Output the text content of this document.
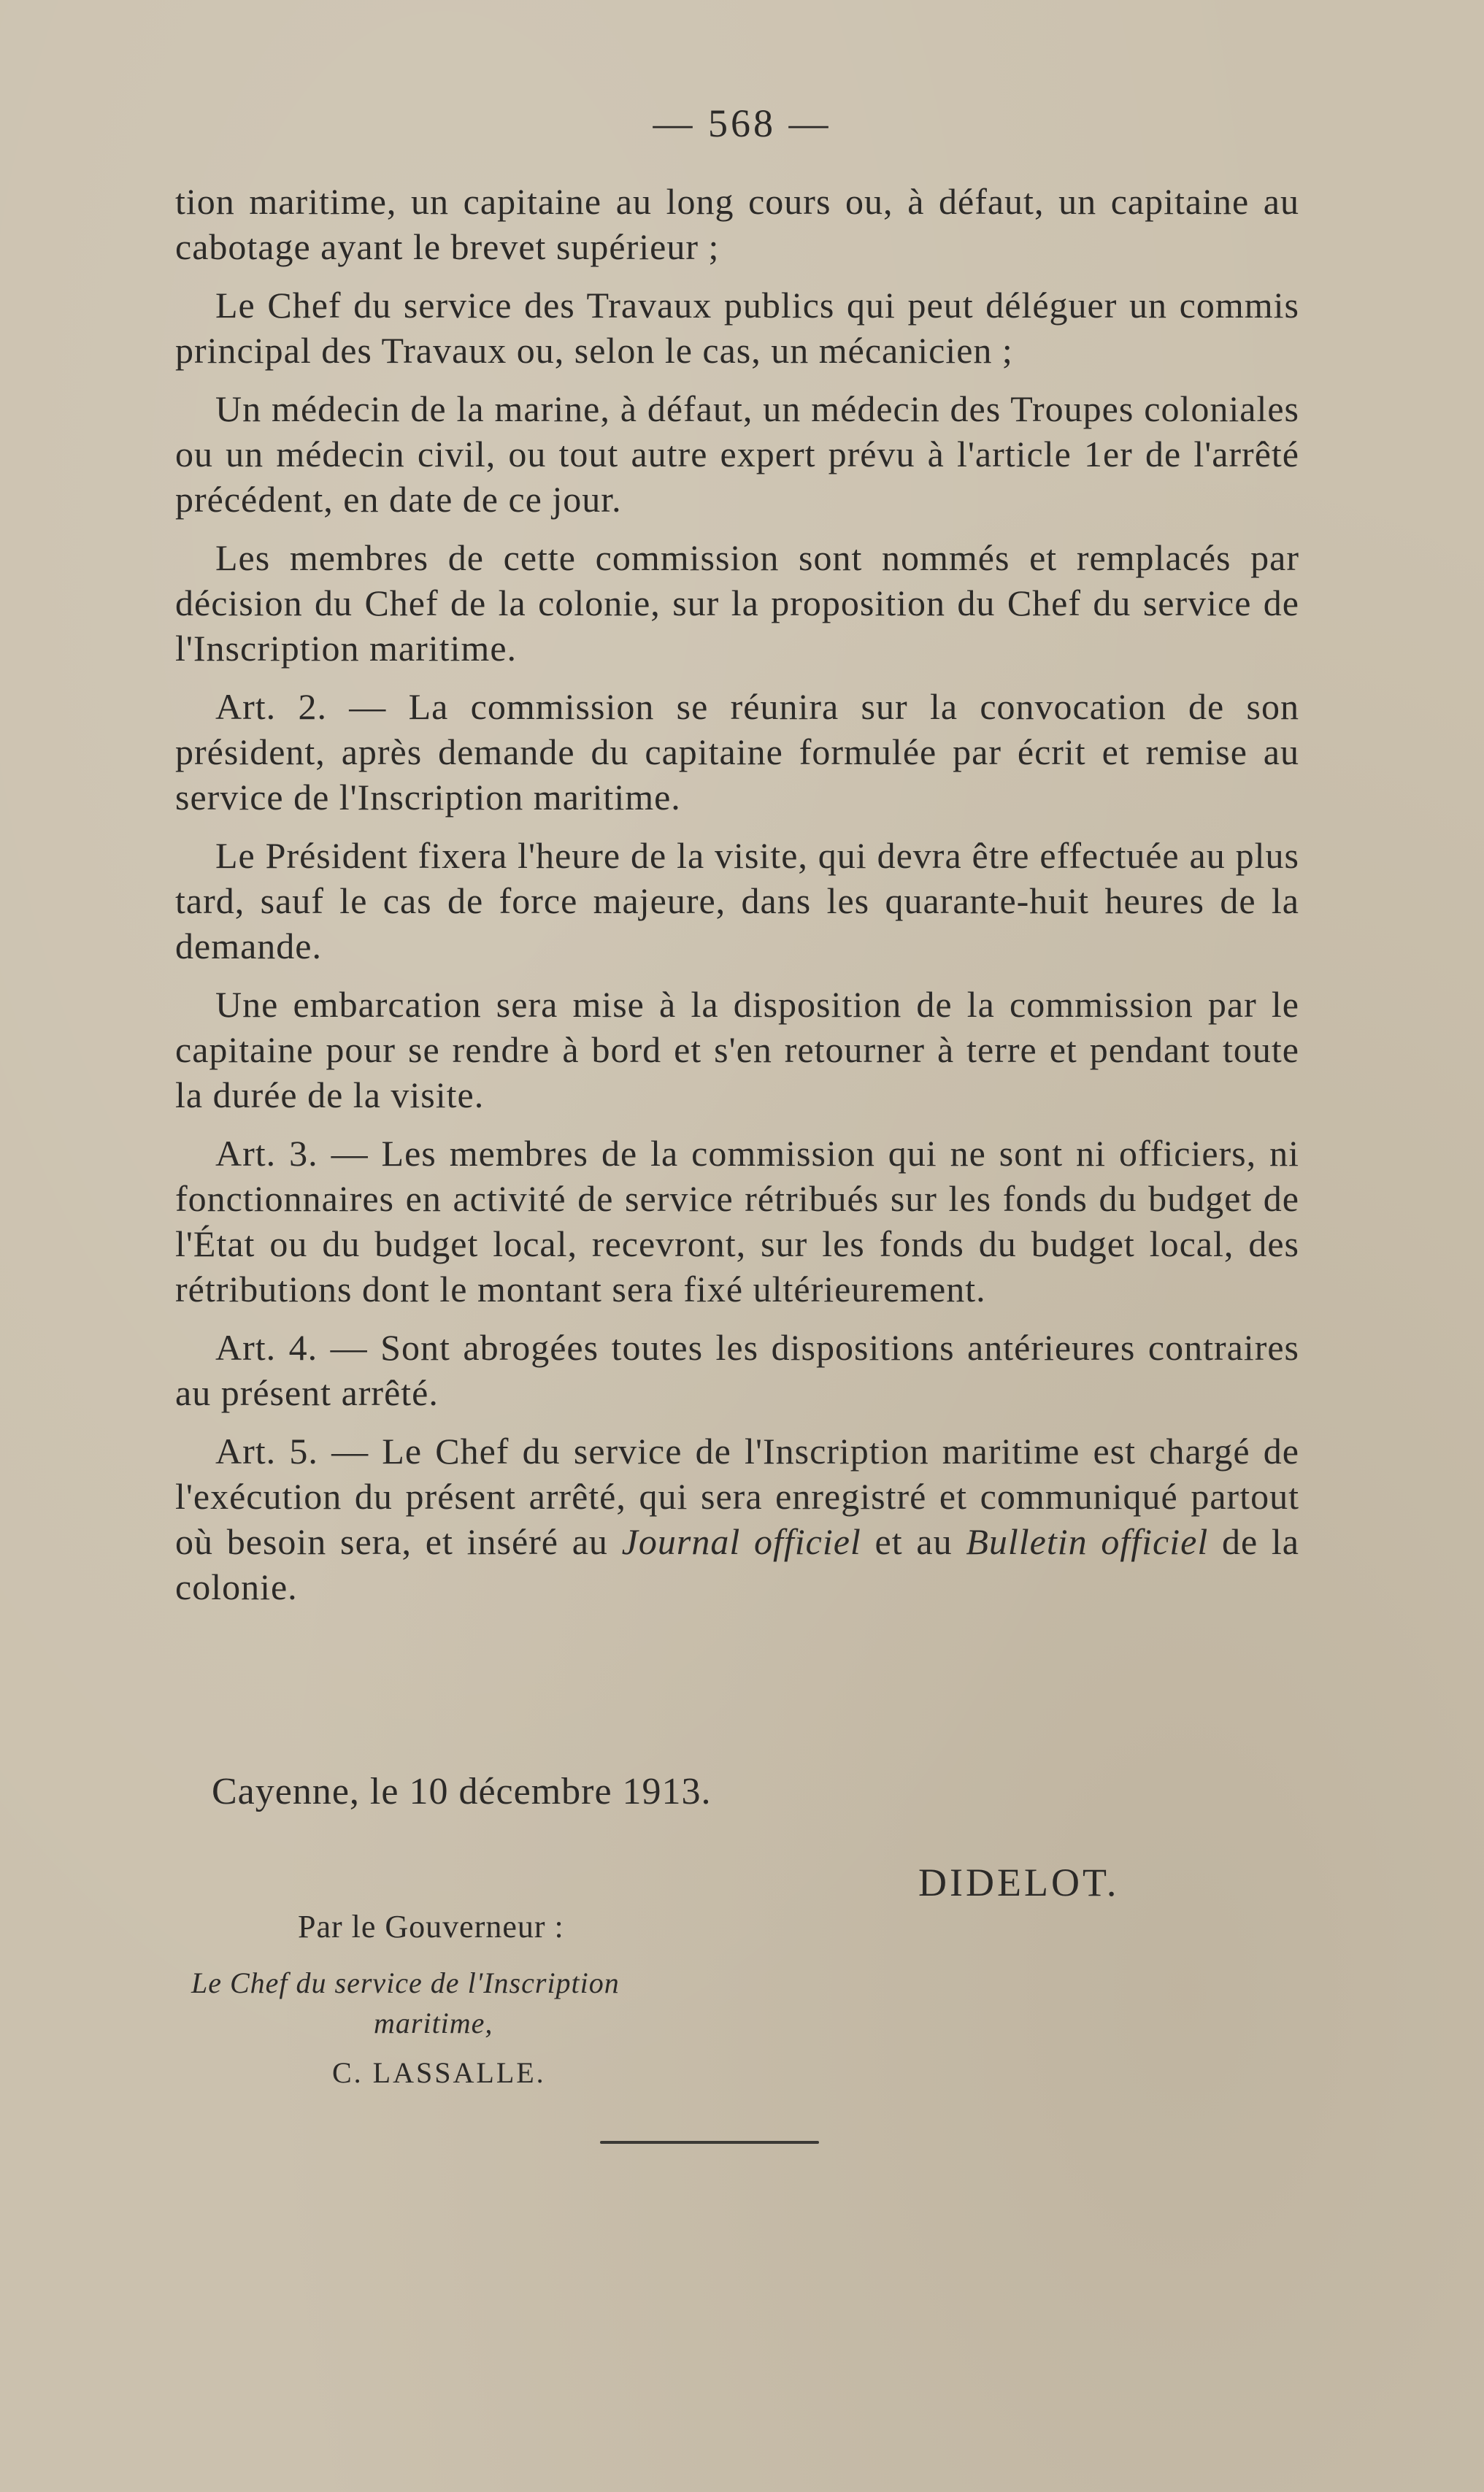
— 568 —

tion maritime, un capitaine au long cours ou, à défaut, un capitaine au cabotage ayant le brevet supérieur ;

Le Chef du service des Travaux publics qui peut déléguer un commis principal des Travaux ou, selon le cas, un mécanicien ;

Un médecin de la marine, à défaut, un médecin des Troupes coloniales ou un médecin civil, ou tout autre expert prévu à l'article 1er de l'arrêté précédent, en date de ce jour.

Les membres de cette commission sont nommés et remplacés par décision du Chef de la colonie, sur la proposition du Chef du service de l'Inscription maritime.

Art. 2. — La commission se réunira sur la convocation de son président, après demande du capitaine formulée par écrit et remise au service de l'Inscription maritime.

Le Président fixera l'heure de la visite, qui devra être effectuée au plus tard, sauf le cas de force majeure, dans les quarante-huit heures de la demande.

Une embarcation sera mise à la disposition de la commission par le capitaine pour se rendre à bord et s'en retourner à terre et pendant toute la durée de la visite.

Art. 3. — Les membres de la commission qui ne sont ni officiers, ni fonctionnaires en activité de service rétribués sur les fonds du budget de l'État ou du budget local, recevront, sur les fonds du budget local, des rétributions dont le montant sera fixé ultérieurement.

Art. 4. — Sont abrogées toutes les dispositions antérieures contraires au présent arrêté.

Art. 5. — Le Chef du service de l'Inscription maritime est chargé de l'exécution du présent arrêté, qui sera enregistré et communiqué partout où besoin sera, et inséré au Journal officiel et au Bulletin officiel de la colonie.

Cayenne, le 10 décembre 1913.
DIDELOT.
Par le Gouverneur :
Le Chef du service de l'Inscription
maritime,
C. LASSALLE.
